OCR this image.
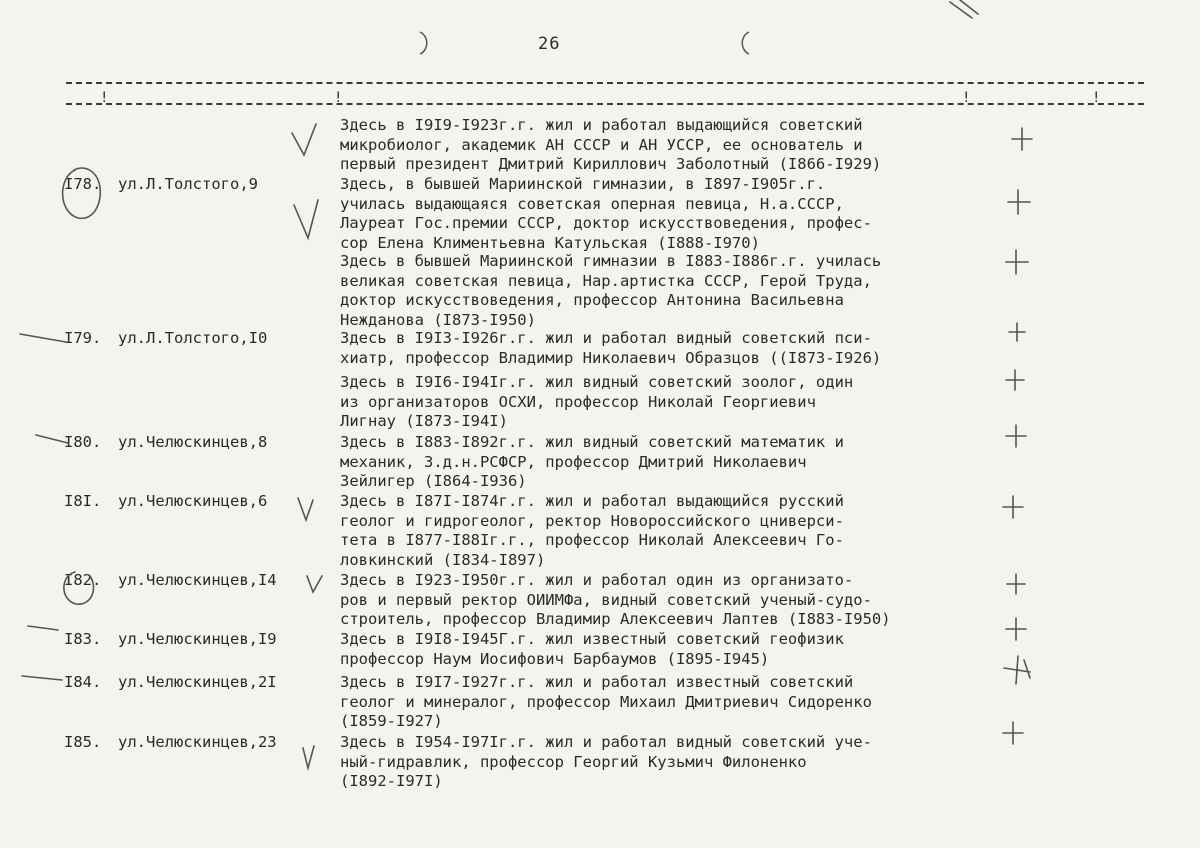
26
!	!	!	!
Здесь в I9I9-I923г.г. жил и работал выдающийся советский
микробиолог, академик АН СССР и АН УССР, ее основатель и
первый президент Дмитрий Кириллович Заболотный (I866-I929)
I78. ул.Л.Толстого,9	Здесь, в бывшей Мариинской гимназии, в I897-I905г.г.
училась выдающаяся советская оперная певица, Н.а.СССР,
Лауреат Гос.премии СССР, доктор искусствоведения, профес-
сор Елена Климентьевна Катульская (I888-I970)
Здесь в бывшей Мариинской гимназии в I883-I886г.г. училась
великая советская певица, Нар.артистка СССР, Герой Труда,
доктор искусствоведения, профессор Антонина Васильевна
Нежданова (I873-I950)
I79. ул.Л.Толстого,I0	Здесь в I9I3-I926г.г. жил и работал видный советский пси-
хиатр, профессор Владимир Николаевич Образцов ((I873-I926)
Здесь в I9I6-I94Iг.г. жил видный советский зоолог, один
из организаторов ОСХИ, профессор Николай Георгиевич
Лигнау (I873-I94I)
I80. ул.Челюскинцев,8	Здесь в I883-I892г.г. жил видный советский математик и
механик, З.д.н.РСФСР, профессор Дмитрий Николаевич
Зейлигер (I864-I936)
I8I. ул.Челюскинцев,6	Здесь в I87I-I874г.г. жил и работал выдающийся русский
геолог и гидрогеолог, ректор Новороссийского цниверси-
тета в I877-I88Iг.г., профессор Николай Алексеевич Го-
ловкинский (I834-I897)
I82. ул.Челюскинцев,I4	Здесь в I923-I950г.г. жил и работал один из организато-
ров и первый ректор ОИИМФа, видный советский ученый-судо-
строитель, профессор Владимир Алексеевич Лаптев (I883-I950)
I83. ул.Челюскинцев,I9	Здесь в I9I8-I945Г.г. жил известный советский геофизик
профессор Наум Иосифович Барбаумов (I895-I945)
I84. ул.Челюскинцев,2I	Здесь в I9I7-I927г.г. жил и работал известный советский
геолог и минералог, профессор Михаил Дмитриевич Сидоренко
(I859-I927)
I85. ул.Челюскинцев,23	Здесь в I954-I97Iг.г. жил и работал видный советский уче-
ный-гидравлик, профессор Георгий Кузьмич Филоненко
(I892-I97I)
